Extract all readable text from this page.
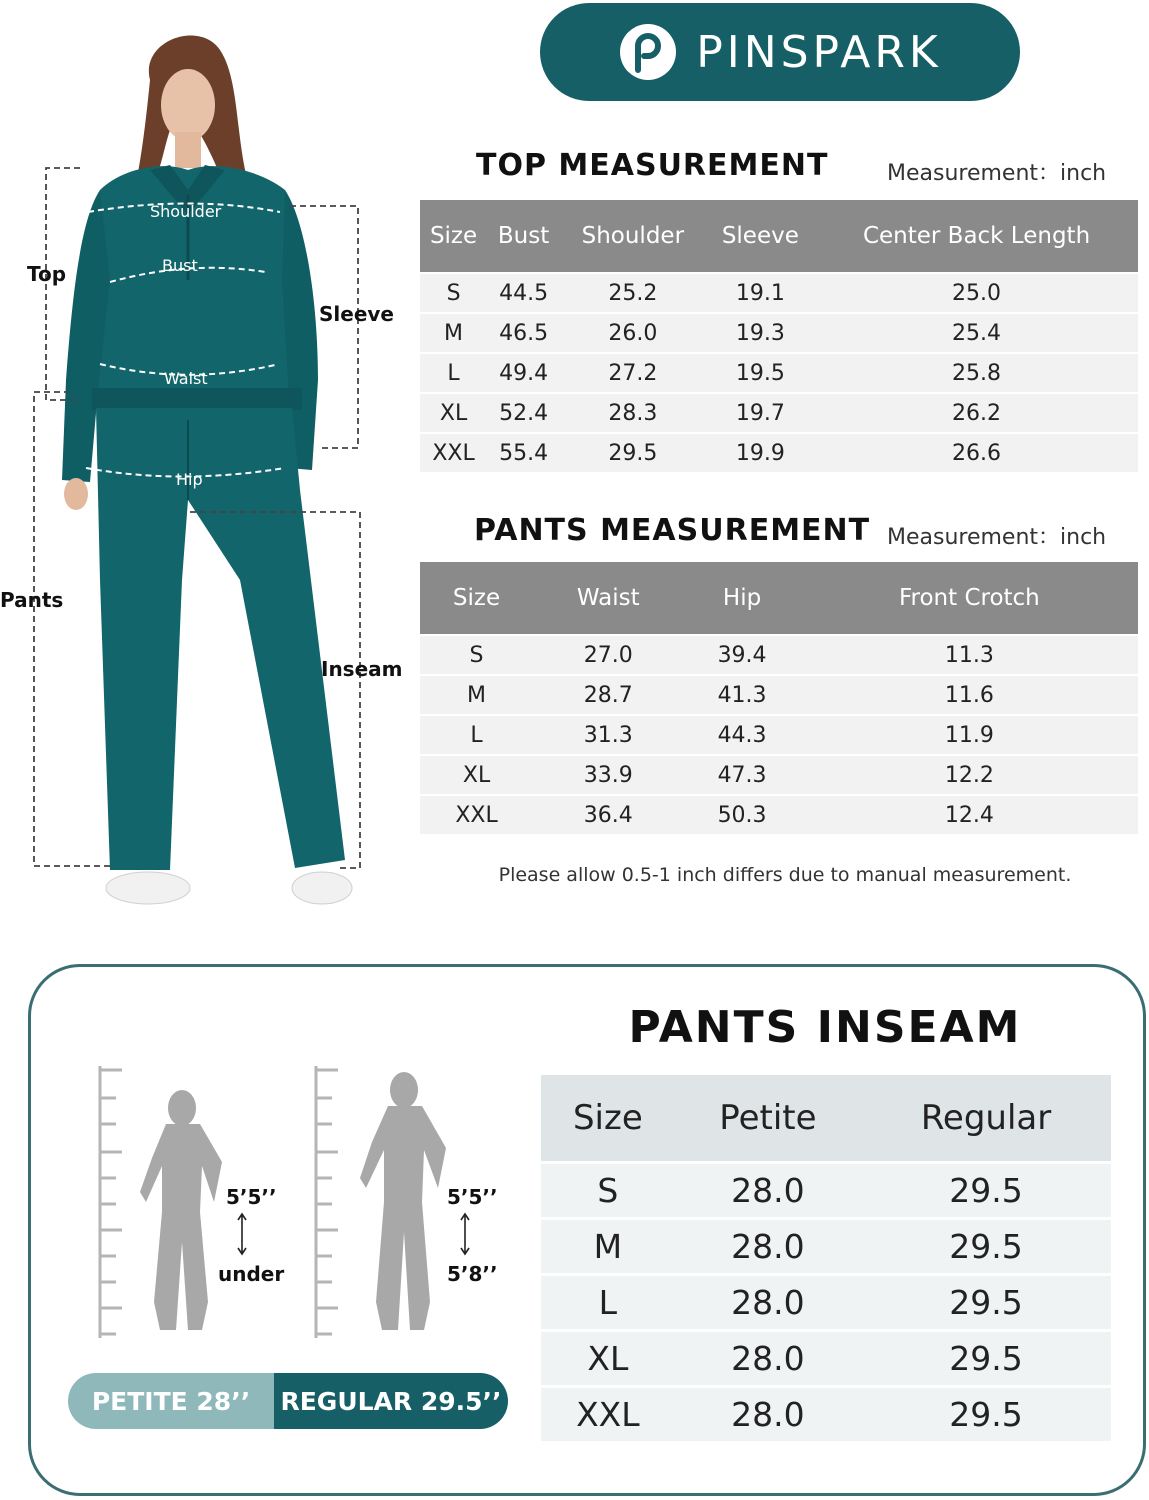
PINSPARK
Shoulder
Bust
Waist
Hip
Top
Sleeve
Pants
Inseam
TOP MEASUREMENT	Measurement：inch
Size	Bust	Shoulder	Sleeve	Center Back Length
S	44.5	25.2	19.1	25.0
M	46.5	26.0	19.3	25.4
L	49.4	27.2	19.5	25.8
XL	52.4	28.3	19.7	26.2
XXL	55.4	29.5	19.9	26.6
PANTS MEASUREMENT Measurement：inch
Size	Waist	Hip	Front Crotch
S	27.0	39.4	11.3
M	28.7	41.3	11.6
L	31.3	44.3	11.9
XL	33.9	47.3	12.2
XXL	36.4	50.3	12.4
Please allow 0.5-1 inch differs due to manual measurement.
PANTS INSEAM
Size	Petite	Regular
S	28.0	29.5
M	28.0	29.5
L	28.0	29.5
XL	28.0	29.5
XXL	28.0	29.5
5’5’’
under
5’5’’
5’8’’
PETITE 28’’	REGULAR 29.5’’
